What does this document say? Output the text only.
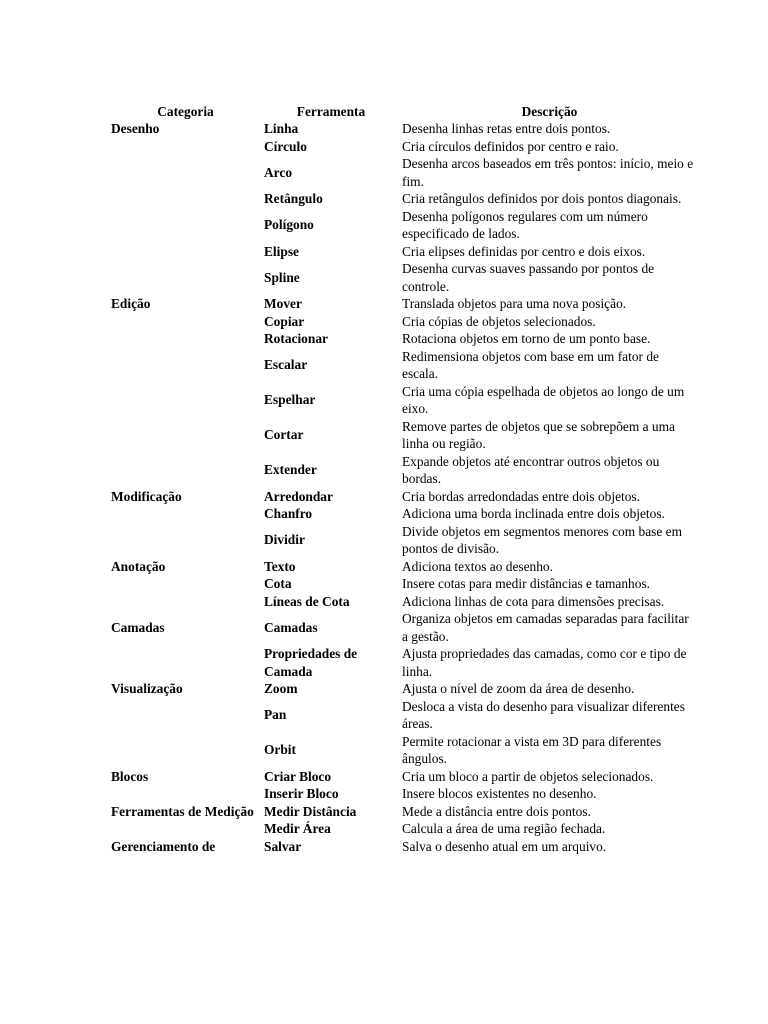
Categoria	Ferramenta	Descrição
Desenho	Linha	Desenha linhas retas entre dois pontos.
	Círculo	Cria círculos definidos por centro e raio.
	Arco	Desenha arcos baseados em três pontos: início, meio e fim.
	Retângulo	Cria retângulos definidos por dois pontos diagonais.
	Polígono	Desenha polígonos regulares com um número especificado de lados.
	Elipse	Cria elipses definidas por centro e dois eixos.
	Spline	Desenha curvas suaves passando por pontos de controle.
Edição	Mover	Translada objetos para uma nova posição.
	Copiar	Cria cópias de objetos selecionados.
	Rotacionar	Rotaciona objetos em torno de um ponto base.
	Escalar	Redimensiona objetos com base em um fator de escala.
	Espelhar	Cria uma cópia espelhada de objetos ao longo de um eixo.
	Cortar	Remove partes de objetos que se sobrepõem a uma linha ou região.
	Extender	Expande objetos até encontrar outros objetos ou bordas.
Modificação	Arredondar	Cria bordas arredondadas entre dois objetos.
	Chanfro	Adiciona uma borda inclinada entre dois objetos.
	Dividir	Divide objetos em segmentos menores com base em pontos de divisão.
Anotação	Texto	Adiciona textos ao desenho.
	Cota	Insere cotas para medir distâncias e tamanhos.
	Líneas de Cota	Adiciona linhas de cota para dimensões precisas.
Camadas	Camadas	Organiza objetos em camadas separadas para facilitar a gestão.
	Propriedades de Camada	Ajusta propriedades das camadas, como cor e tipo de linha.
Visualização	Zoom	Ajusta o nível de zoom da área de desenho.
	Pan	Desloca a vista do desenho para visualizar diferentes áreas.
	Orbit	Permite rotacionar a vista em 3D para diferentes ângulos.
Blocos	Criar Bloco	Cria um bloco a partir de objetos selecionados.
	Inserir Bloco	Insere blocos existentes no desenho.
Ferramentas de Medição	Medir Distância	Mede a distância entre dois pontos.
	Medir Área	Calcula a área de uma região fechada.
Gerenciamento de	Salvar	Salva o desenho atual em um arquivo.
